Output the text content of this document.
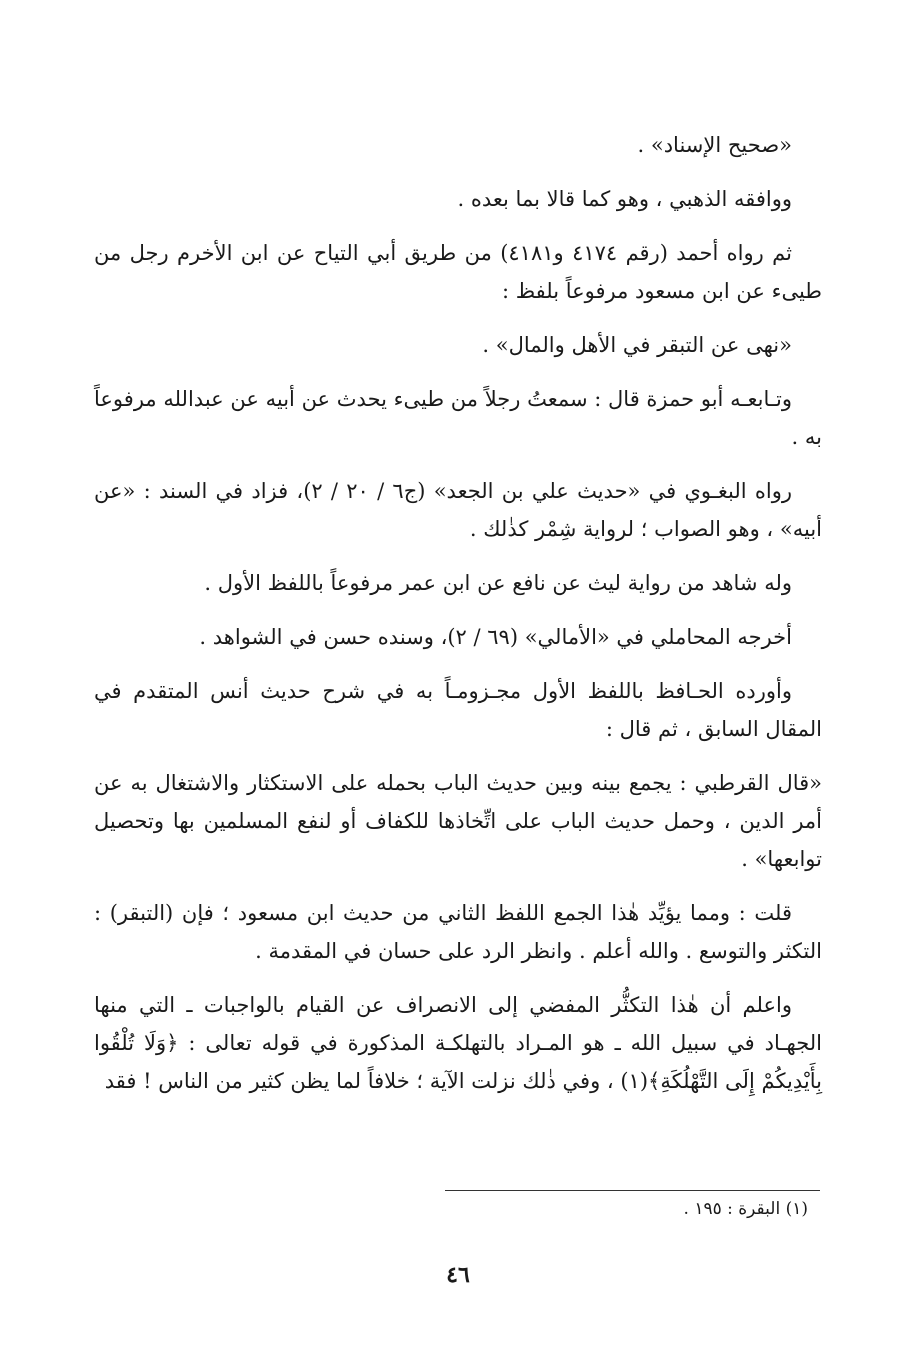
«صحيح الإسناد» .

ووافقه الذهبي ، وهو كما قالا بما بعده .

ثم رواه أحمد (رقم ٤١٧٤ و٤١٨١) من طريق أبي التياح عن ابن الأخرم رجل من طيىء عن ابن مسعود مرفوعاً بلفظ :

«نهى عن التبقر في الأهل والمال» .

وتـابعـه أبو حمزة قال : سمعتُ رجلاً من طيىء يحدث عن أبيه عن عبدالله مرفوعاً به .

رواه البغـوي في «حديث علي بن الجعد» (ج٦ / ٢٠ / ٢)، فزاد في السند : «عن أبيه» ، وهو الصواب ؛ لرواية شِمْر كذٰلك .

وله شاهد من رواية ليث عن نافع عن ابن عمر مرفوعاً باللفظ الأول .

أخرجه المحاملي في «الأمالي» (٦٩ / ٢)، وسنده حسن في الشواهد .

وأورده الحـافظ باللفظ الأول مجـزومـاً به في شرح حديث أنس المتقدم في المقال السابق ، ثم قال :

«قال القرطبي : يجمع بينه وبين حديث الباب بحمله على الاستكثار والاشتغال به عن أمر الدين ، وحمل حديث الباب على اتِّخاذها للكفاف أو لنفع المسلمين بها وتحصيل توابعها» .

قلت : ومما يؤيِّد هٰذا الجمع اللفظ الثاني من حديث ابن مسعود ؛ فإن (التبقر) : التكثر والتوسع . والله أعلم . وانظر الرد على حسان في المقدمة .

واعلم أن هٰذا التكثُّر المفضي إلى الانصراف عن القيام بالواجبات ـ التي منها الجهـاد في سبيل الله ـ هو المـراد بالتهلكـة المذكورة في قوله تعالى : ﴿وَلَا تُلْقُوا بِأَيْدِيكُمْ إِلَى التَّهْلُكَةِ﴾(١) ، وفي ذٰلك نزلت الآية ؛ خلافاً لما يظن كثير من الناس ! فقد

(١) البقرة : ١٩٥ .
٤٦
